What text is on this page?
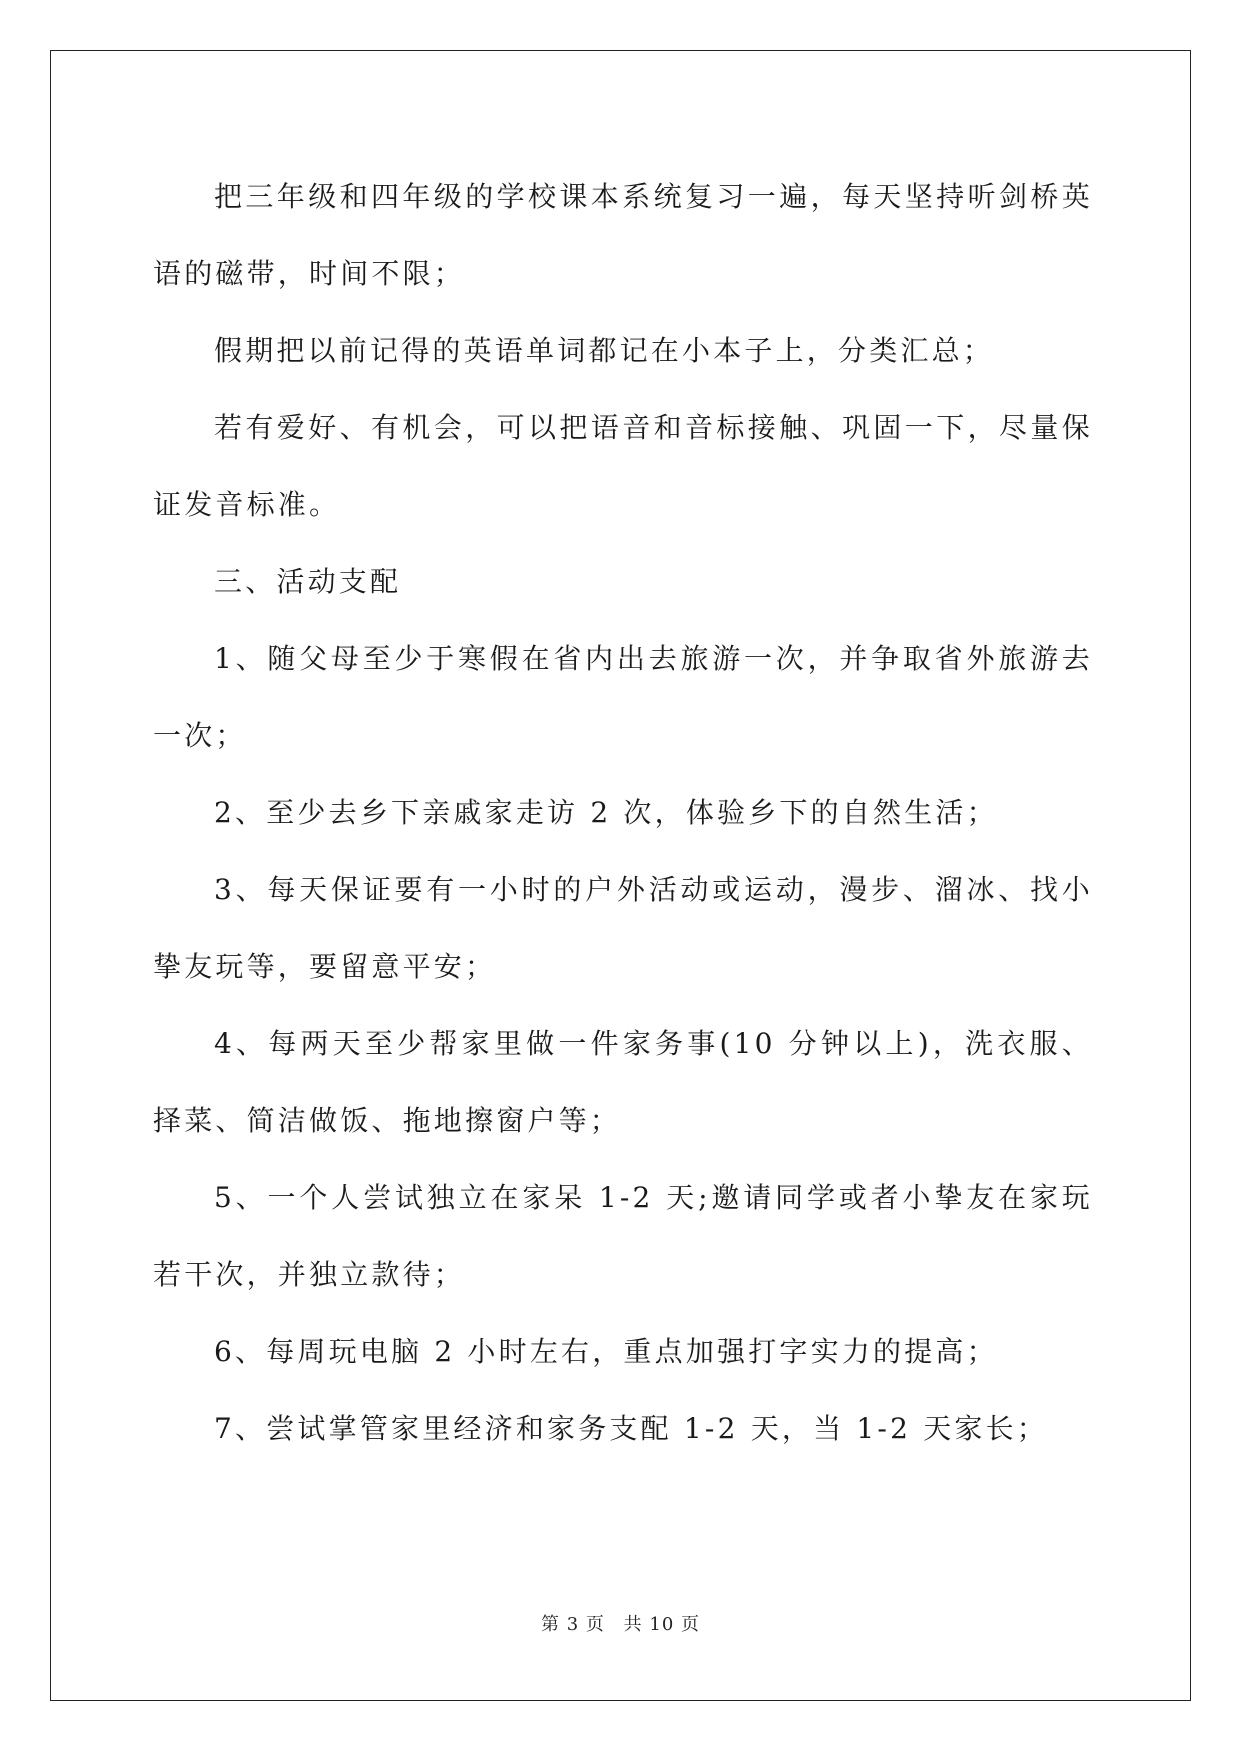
把三年级和四年级的学校课本系统复习一遍，每天坚持听剑桥英语的磁带，时间不限；

假期把以前记得的英语单词都记在小本子上，分类汇总；

若有爱好、有机会，可以把语音和音标接触、巩固一下，尽量保证发音标准。

三、活动支配

1、随父母至少于寒假在省内出去旅游一次，并争取省外旅游去一次；

2、至少去乡下亲戚家走访 2 次，体验乡下的自然生活；

3、每天保证要有一小时的户外活动或运动，漫步、溜冰、找小挚友玩等，要留意平安；

4、每两天至少帮家里做一件家务事(10 分钟以上)，洗衣服、择菜、简洁做饭、拖地擦窗户等；

5、一个人尝试独立在家呆 1-2 天;邀请同学或者小挚友在家玩若干次，并独立款待；

6、每周玩电脑 2 小时左右，重点加强打字实力的提高；

7、尝试掌管家里经济和家务支配 1-2 天，当 1-2 天家长；

第 3 页 共 10 页
